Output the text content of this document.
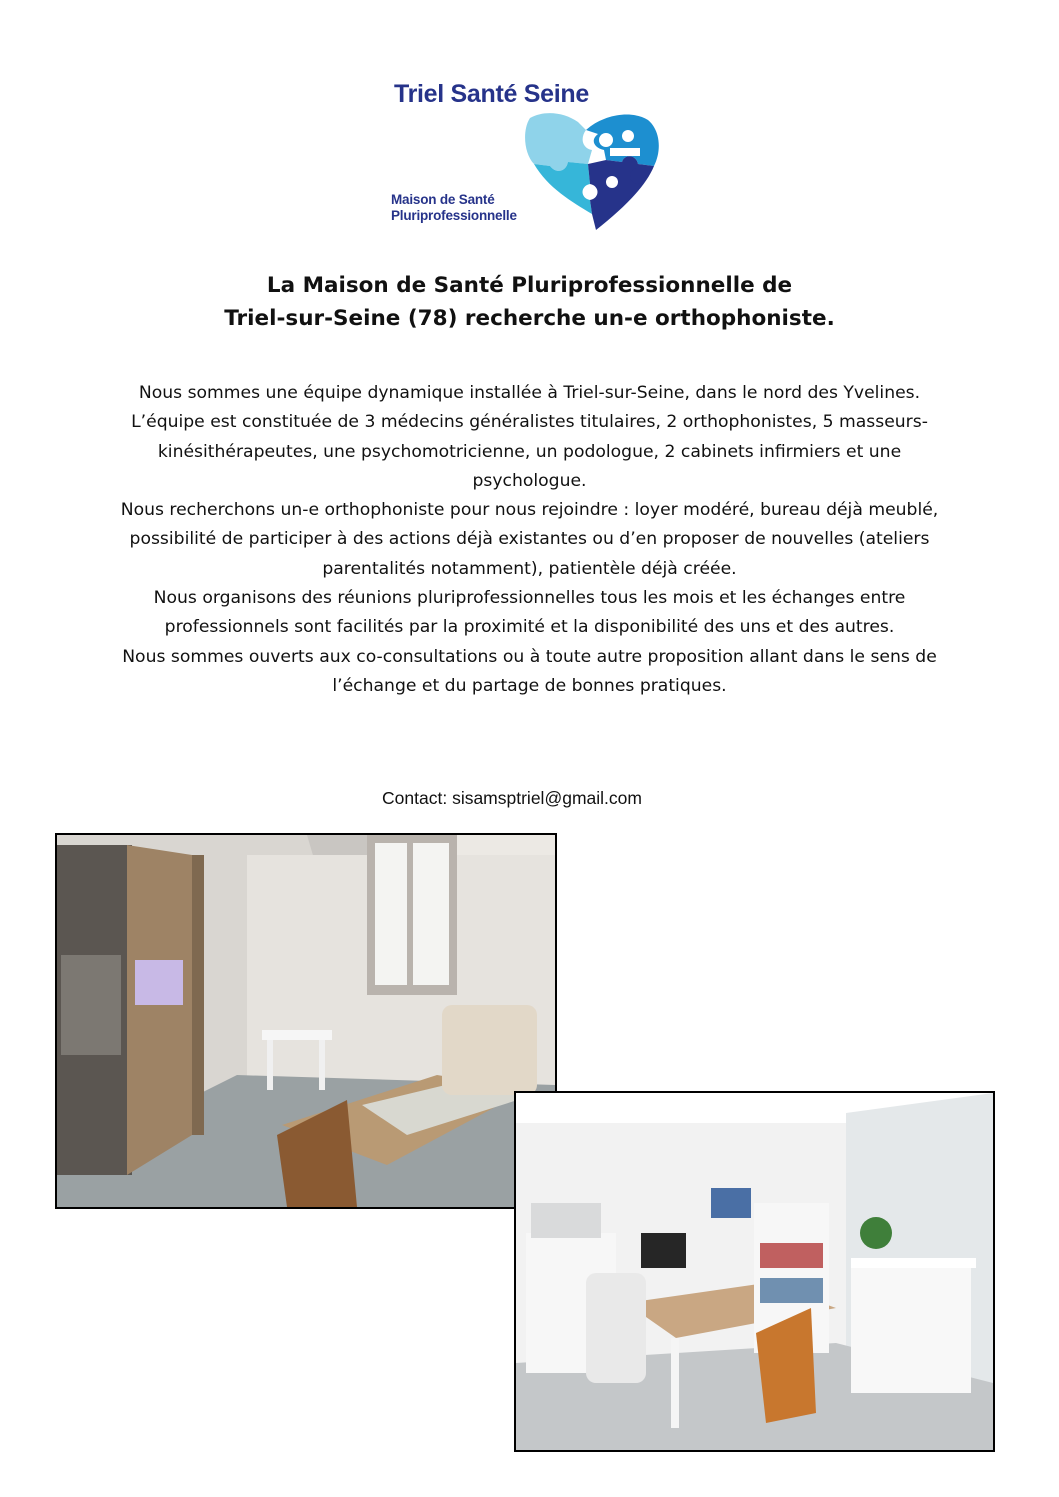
Triel Santé Seine
Maison de Santé
Pluriprofessionnelle
La Maison de Santé Pluriprofessionnelle de
Triel-sur-Seine (78) recherche un-e orthophoniste.

Nous sommes une équipe dynamique installée à Triel-sur-Seine, dans le nord des Yvelines. L’équipe est constituée de 3 médecins généralistes titulaires, 2 orthophonistes, 5 masseurs-kinésithérapeutes, une psychomotricienne, un podologue, 2 cabinets infirmiers et une psychologue.

Nous recherchons un-e orthophoniste pour nous rejoindre : loyer modéré, bureau déjà meublé, possibilité de participer à des actions déjà existantes ou d’en proposer de nouvelles (ateliers parentalités notamment), patientèle déjà créée.

Nous organisons des réunions pluriprofessionnelles tous les mois et les échanges entre professionnels sont facilités par la proximité et la disponibilité des uns et des autres.

Nous sommes ouverts aux co-consultations ou à toute autre proposition allant dans le sens de l’échange et du partage de bonnes pratiques.

Contact: sisamsptriel@gmail.com
